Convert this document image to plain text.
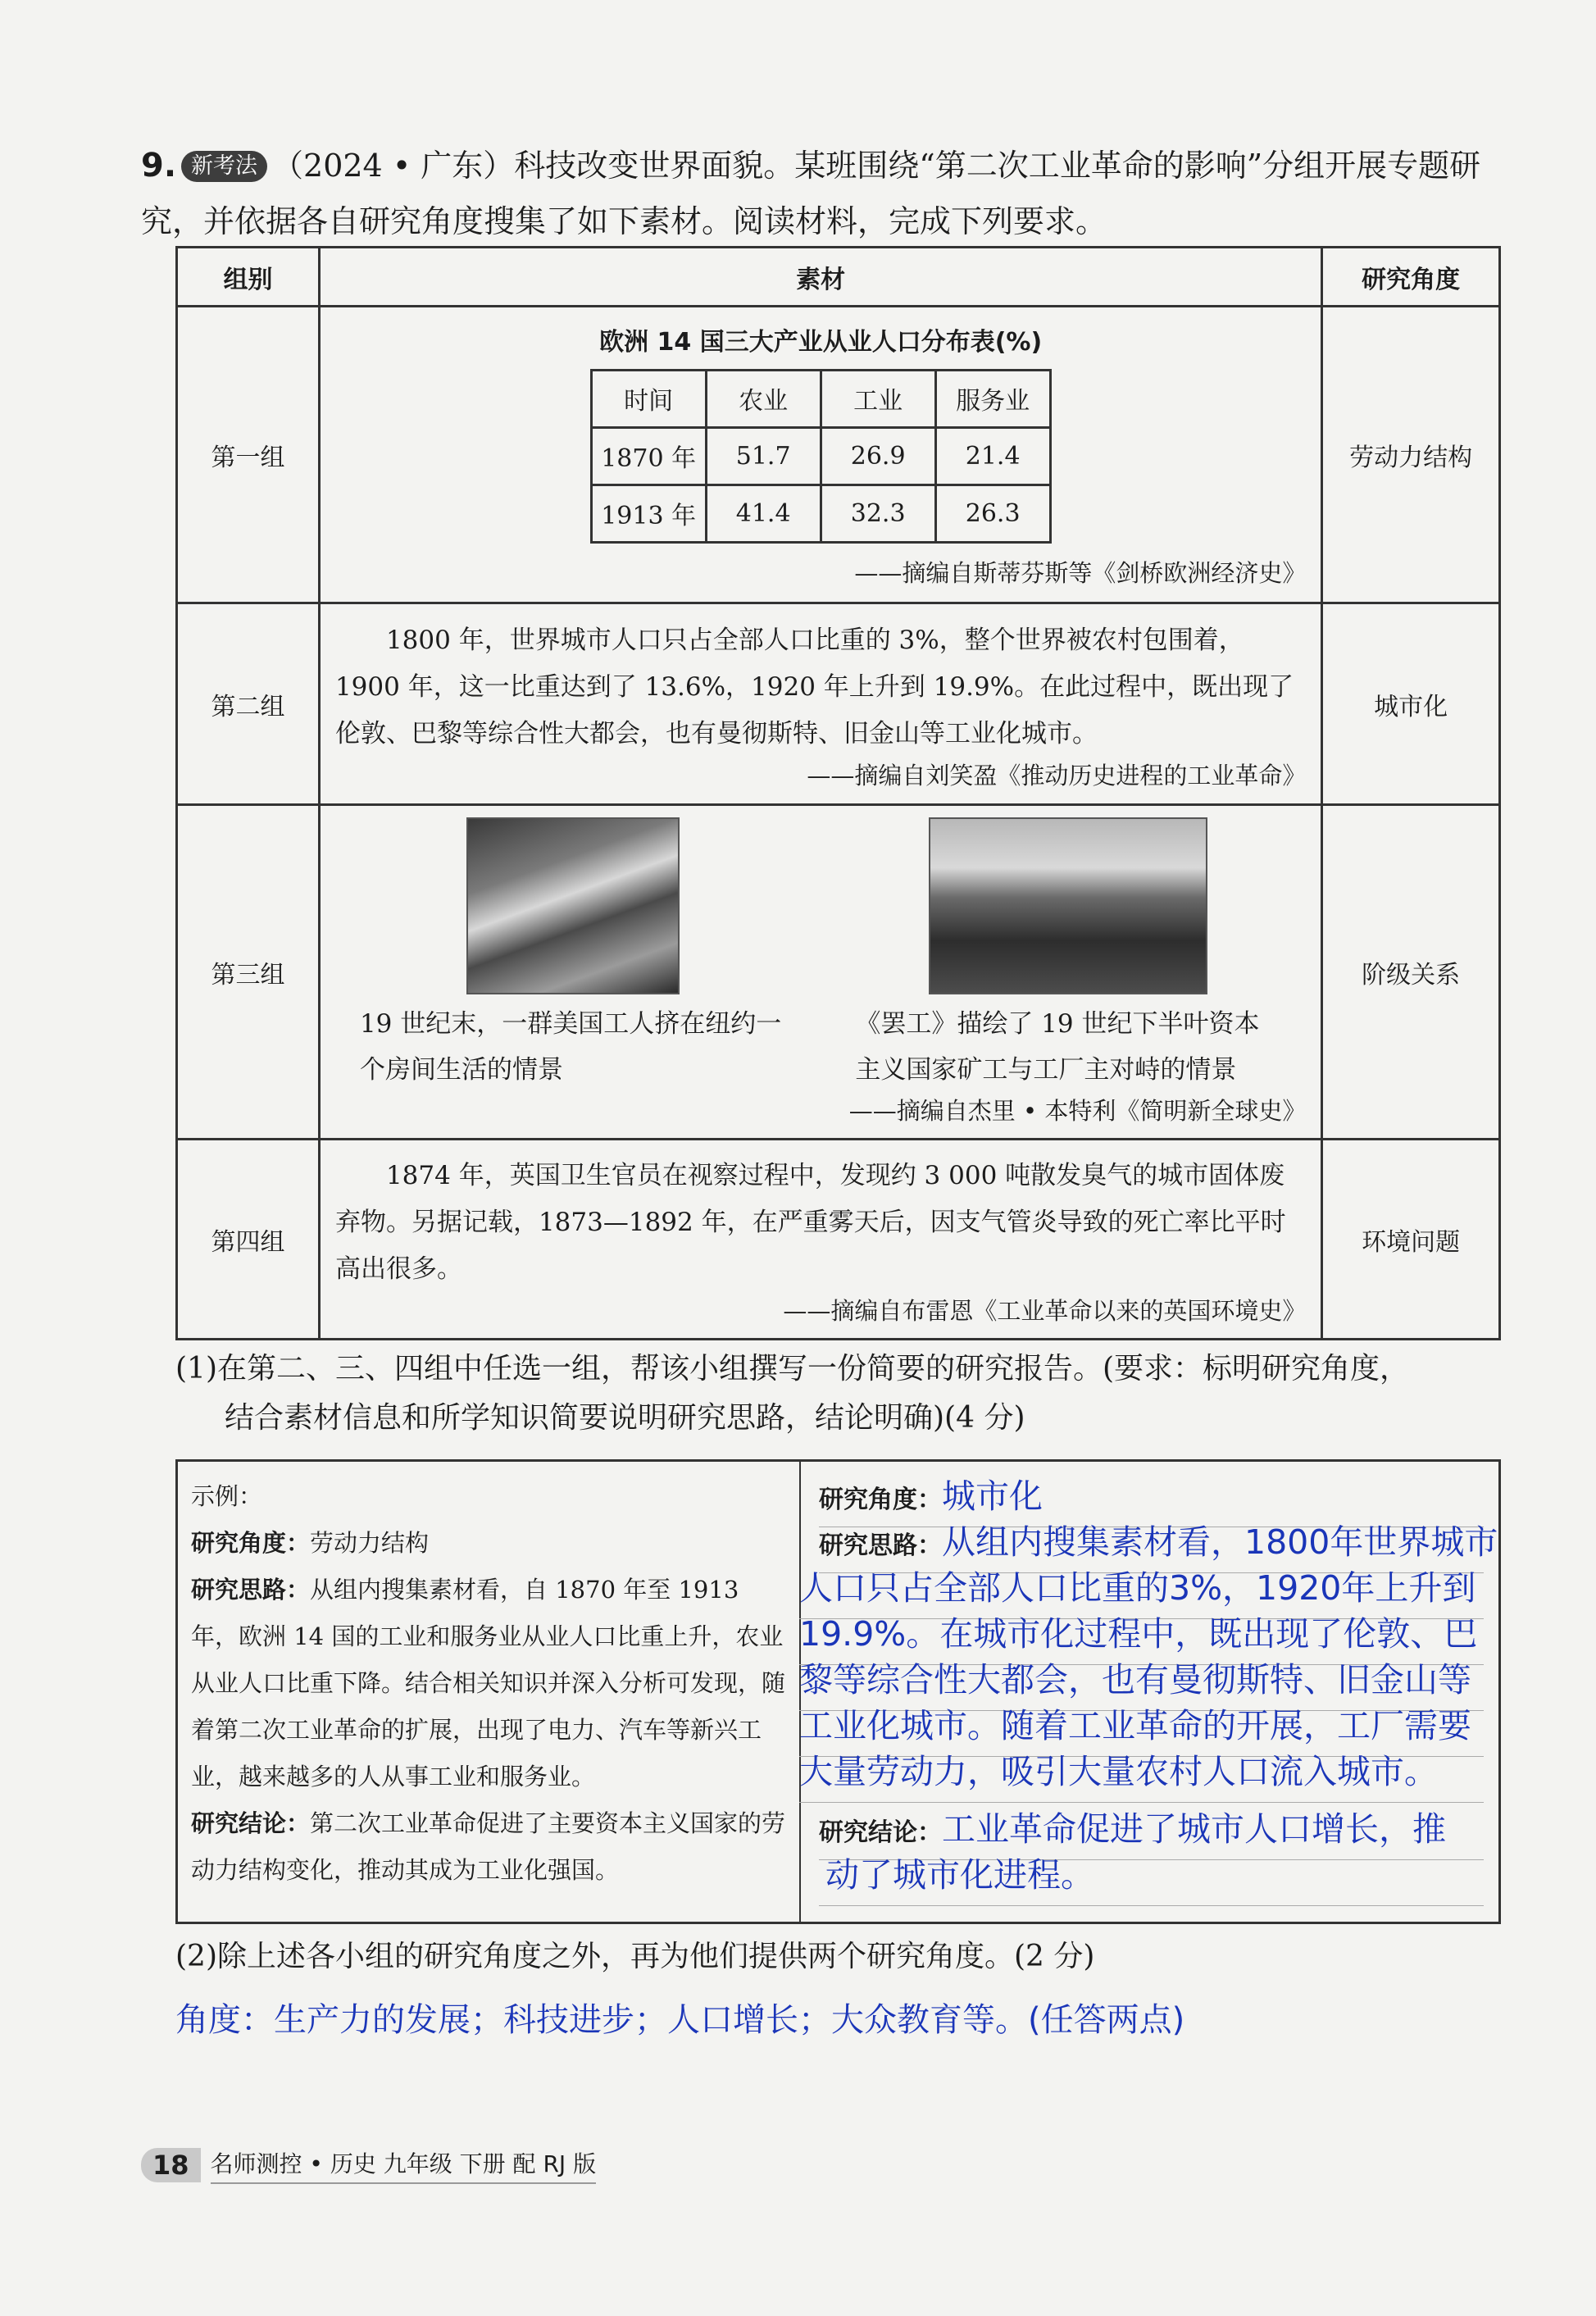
9. 新考法 （2024 • 广东）科技改变世界面貌。某班围绕“第二次工业革命的影响”分组开展专题研究，并依据各自研究角度搜集了如下素材。阅读材料，完成下列要求。
组别	素材	研究角度
第一组	
欧洲 14 国三大产业从业人口分布表(%)
时间	农业	工业	服务业
1870 年	51.7	26.9	21.4
1913 年	41.4	32.3	26.3
——摘编自斯蒂芬斯等《剑桥欧洲经济史》
	劳动力结构
第二组	
1800 年，世界城市人口只占全部人口比重的 3%，整个世界被农村包围着，1900 年，这一比重达到了 13.6%，1920 年上升到 19.9%。在此过程中，既出现了伦敦、巴黎等综合性大都会，也有曼彻斯特、旧金山等工业化城市。
——摘编自刘笑盈《推动历史进程的工业革命》
	城市化
第三组	
19 世纪末，一群美国工人挤在纽约一个房间生活的情景
《罢工》描绘了 19 世纪下半叶资本主义国家矿工与工厂主对峙的情景
——摘编自杰里 • 本特利《简明新全球史》
	阶级关系
第四组	
1874 年，英国卫生官员在视察过程中，发现约 3 000 吨散发臭气的城市固体废弃物。另据记载，1873—1892 年，在严重雾天后，因支气管炎导致的死亡率比平时高出很多。
——摘编自布雷恩《工业革命以来的英国环境史》
	环境问题
(1)在第二、三、四组中任选一组，帮该小组撰写一份简要的研究报告。(要求：标明研究角度，
结合素材信息和所学知识简要说明研究思路，结论明确)(4 分)
示例：
研究角度：劳动力结构
研究思路：从组内搜集素材看，自 1870 年至 1913 年，欧洲 14 国的工业和服务业从业人口比重上升，农业从业人口比重下降。结合相关知识并深入分析可发现，随着第二次工业革命的扩展，出现了电力、汽车等新兴工业，越来越多的人从事工业和服务业。
研究结论：第二次工业革命促进了主要资本主义国家的劳动力结构变化，推动其成为工业化强国。
研究角度：城市化
研究思路：从组内搜集素材看，1800年世界城市
人口只占全部人口比重的3%，1920年上升到
19.9%。在城市化过程中，既出现了伦敦、巴
黎等综合性大都会，也有曼彻斯特、旧金山等
工业化城市。随着工业革命的开展，工厂需要
大量劳动力，吸引大量农村人口流入城市。
研究结论：工业革命促进了城市人口增长，推
动了城市化进程。
(2)除上述各小组的研究角度之外，再为他们提供两个研究角度。(2 分)
角度：生产力的发展；科技进步；人口增长；大众教育等。(任答两点)
18 名师测控 • 历史 九年级 下册 配 RJ 版
